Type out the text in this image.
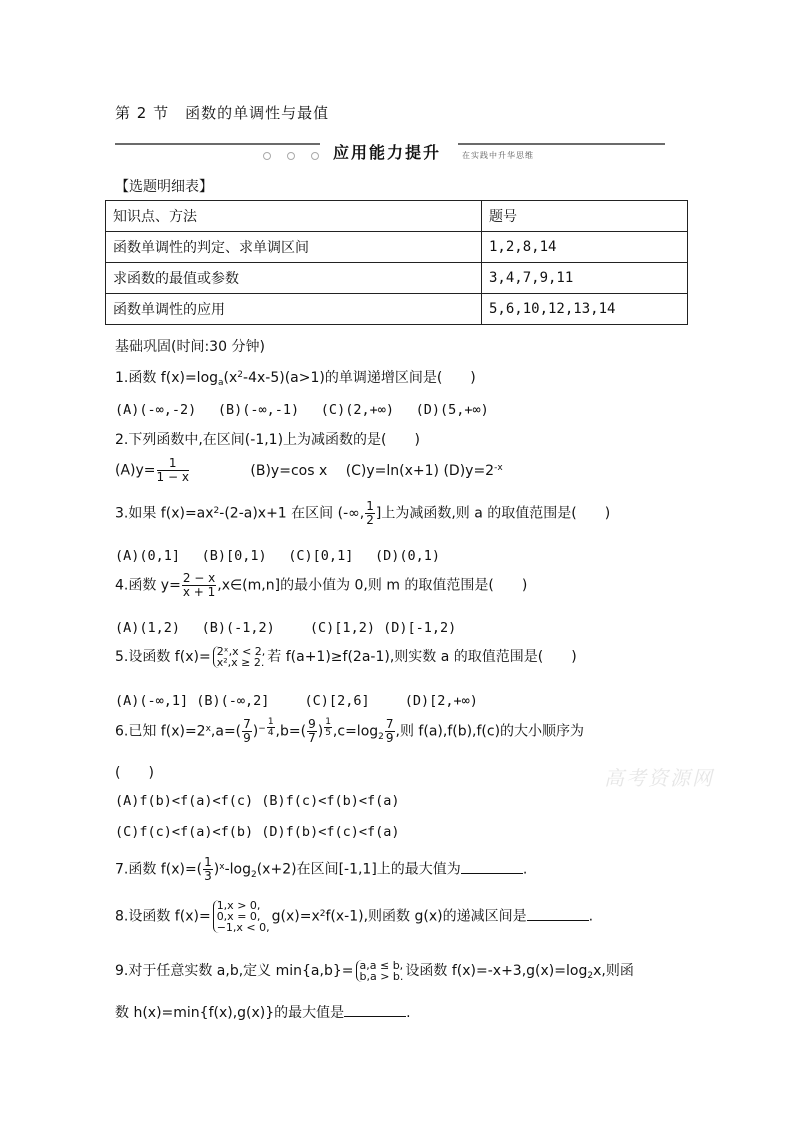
第 2 节　函数的单调性与最值
应用能力提升	在实践中升华思维
【选题明细表】
知识点、方法	题号
函数单调性的判定、求单调区间	1,2,8,14
求函数的最值或参数	3,4,7,9,11
函数单调性的应用	5,6,10,12,13,14
基础巩固(时间:30 分钟)
1.函数 $f(x)=\log_a(x^2-4x-5)(a>1)$的单调递增区间是(　　)
(A)(-∞,-2)　 (B)(-∞,-1)　 (C)(2,+∞)　 (D)(5,+∞)
2.下列函数中,在区间(-1,1)上为减函数的是(　　)
$(A)y= \frac{1}{1 - x}$	(B)y=cos x　 (C)y=ln(x+1) $(D)y=2^{-x}$
3.如果 $f(x)=ax^2-(2-a)x+1$ 在区间 (-∞, $\frac{1}{2}$ ]上为减函数,则 a 的取值范围是(　　)
(A)(0,1]　 (B)[0,1)　 (C)[0,1]　 (D)(0,1)
4.函数 $y= \frac{2 - x}{x + 1}$ ,x∈(m,n]的最小值为 0,则 m 的取值范围是(　　)
(A)(1,2)　 (B)(-1,2)　　 (C)[1,2) (D)[-1,2)
5.设函数 f(x)= 2ˣ,x < 2,
x²,x ≥ 2. 若 f(a+1)≥f(2a-1),则实数 a 的取值范围是(　　)
(A)(-∞,1] (B)(-∞,2]　　 (C)[2,6]　　 (D)[2,+∞)
6.已知 $f(x)=2^x,a=( \frac{7}{9} )^- \frac{1}{4} ,b=( \frac{9}{7}$ ) $\frac{1}{5} ,c=\log_2 \frac{7}{9}$ ,则 f(a),f(b),f(c)的大小顺序为
(　　)
(A)f(b)<f(a)<f(c) (B)f(c)<f(b)<f(a)
(C)f(c)<f(a)<f(b) (D)f(b)<f(c)<f(a)
7.函数 $f(x)=( \frac{1}{3} )^x-\log_2(x+2)$在区间[-1,1]上的最大值为	.
8.设函数 f(x)=
1,x > 0,
0,x = 0,
−1,x < 0,
$g(x)=x^2f(x-1)$,则函数 g(x)的递减区间是	.
9.对于任意实数 a,b,定义 min{a,b}= a,a ≤ b,
b,a > b. 设函数 $f(x)=-x+3,g(x)=\log_2x$,则函
数 h(x)=min{f(x),g(x)}的最大值是	.
高考资源网
